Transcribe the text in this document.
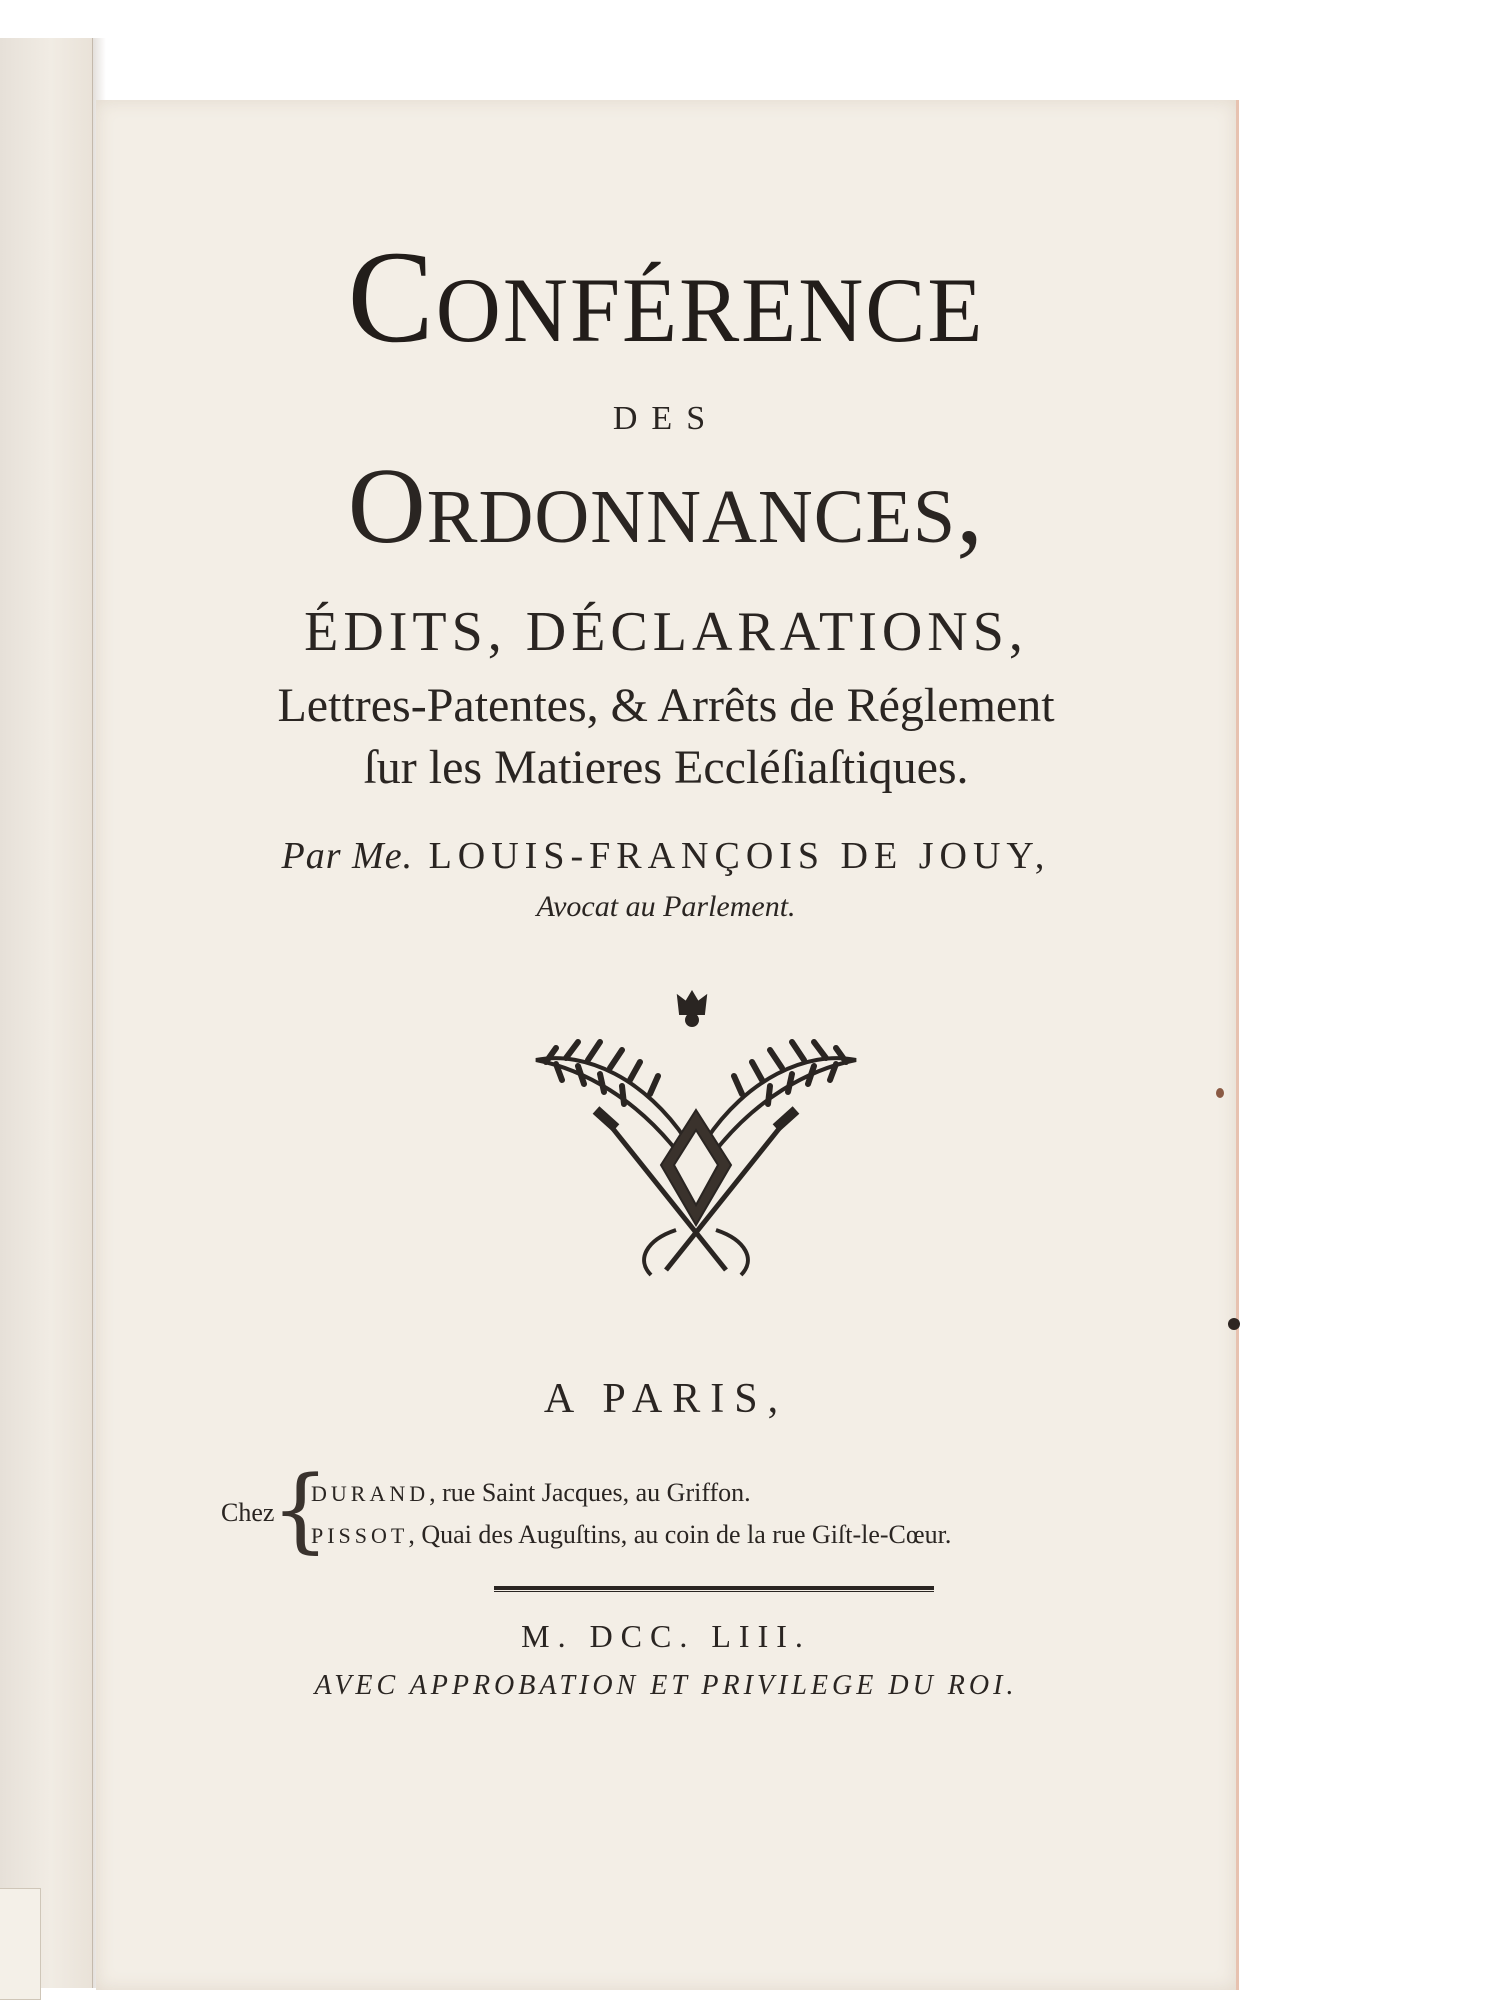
Conférence
DES
Ordonnances,
ÉDITS, DÉCLARATIONS,
Lettres-Patentes, & Arrêts de Réglement
ſur les Matieres Eccléſiaſtiques.
Par Me. LOUIS-FRANÇOIS DE JOUY,
Avocat au Parlement.
A PARIS,
Chez
{
DURAND, rue Saint Jacques, au Griffon.
PISSOT, Quai des Auguſtins, au coin de la rue Giſt-le-Cœur.
M. DCC. LIII.
AVEC APPROBATION ET PRIVILEGE DU ROI.
